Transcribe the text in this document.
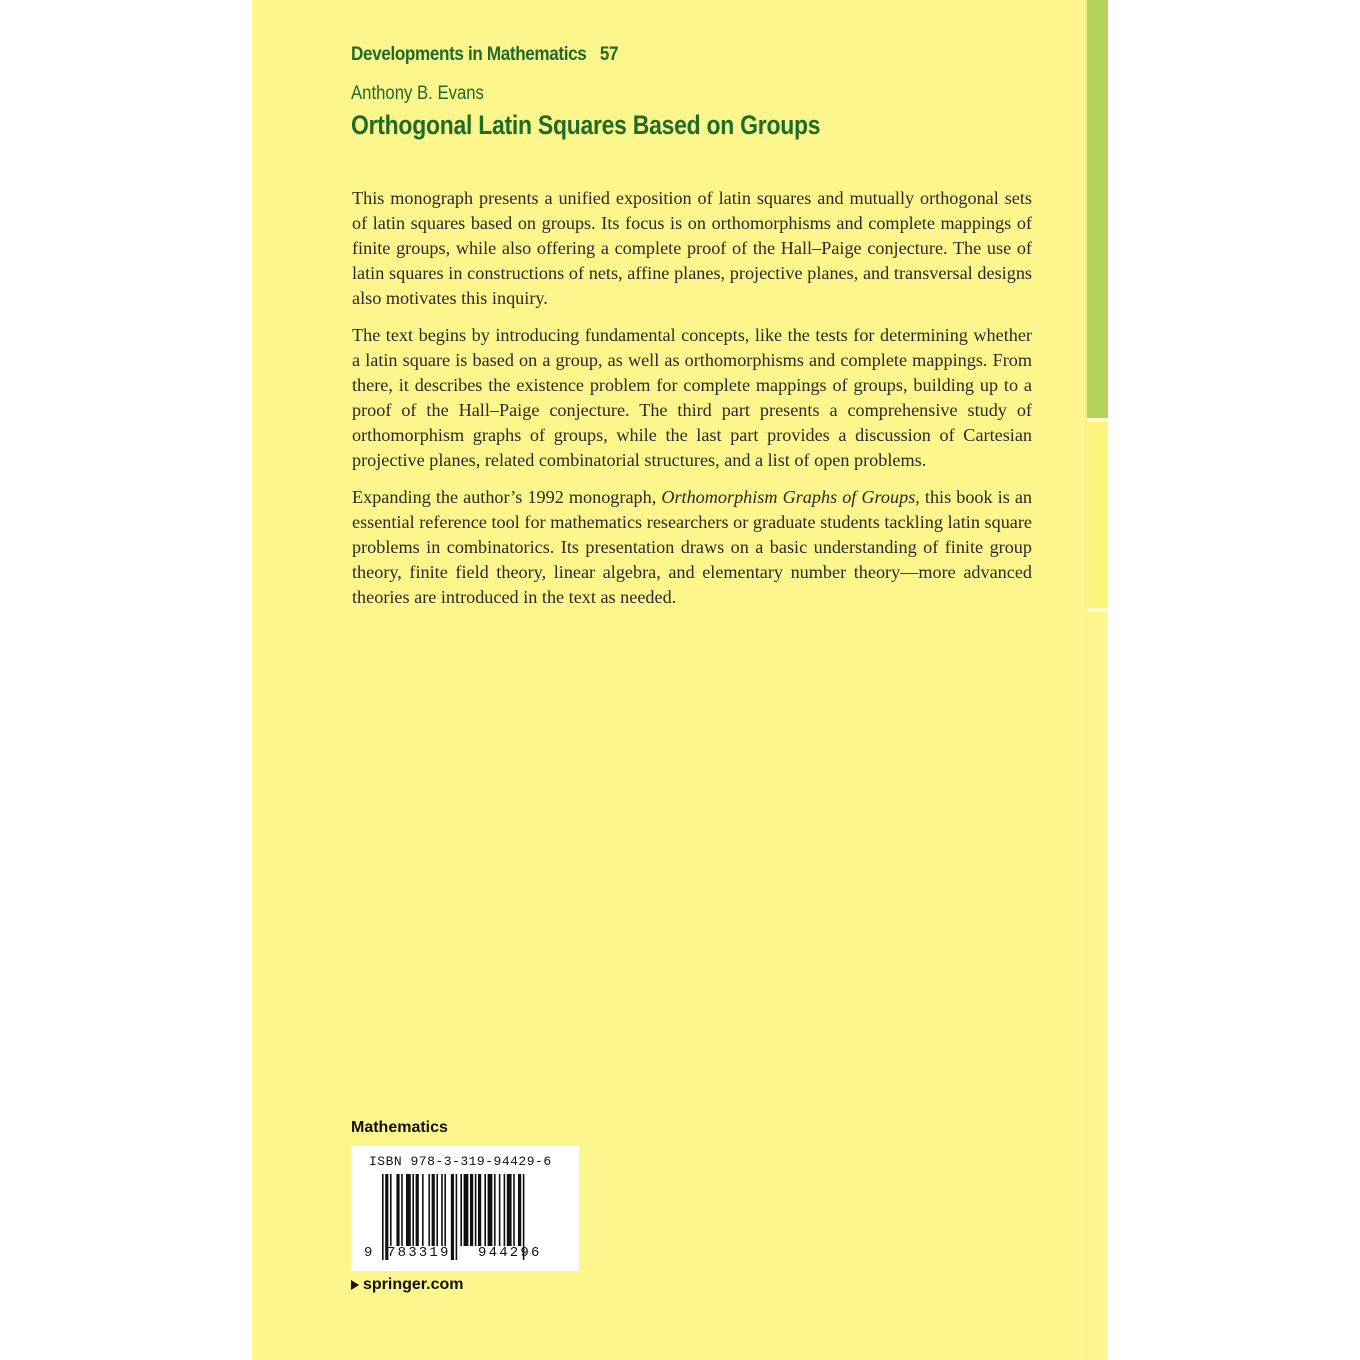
Developments in Mathematics 57
Anthony B. Evans
Orthogonal Latin Squares Based on Groups

This monograph presents a unified exposition of latin squares and mutually orthogonal sets of latin squares based on groups. Its focus is on orthomorphisms and complete mappings of finite groups, while also offering a complete proof of the Hall–Paige conjecture. The use of latin squares in constructions of nets, affine planes, projective planes, and transversal designs also motivates this inquiry.

The text begins by introducing fundamental concepts, like the tests for determining whether a latin square is based on a group, as well as orthomorphisms and complete mappings. From there, it describes the existence problem for complete mappings of groups, building up to a proof of the Hall–Paige conjecture. The third part presents a comprehensive study of orthomorphism graphs of groups, while the last part provides a discussion of Cartesian projective planes, related combinatorial structures, and a list of open problems.

Expanding the author’s 1992 monograph, Orthomorphism Graphs of Groups, this book is an essential reference tool for mathematics researchers or graduate students tackling latin square problems in combinatorics. Its presentation draws on a basic understanding of finite group theory, finite field theory, linear algebra, and elementary number theory—more advanced theories are introduced in the text as needed.

Mathematics
ISBN 978-3-319-94429-6
9 783319 944296
springer.com
